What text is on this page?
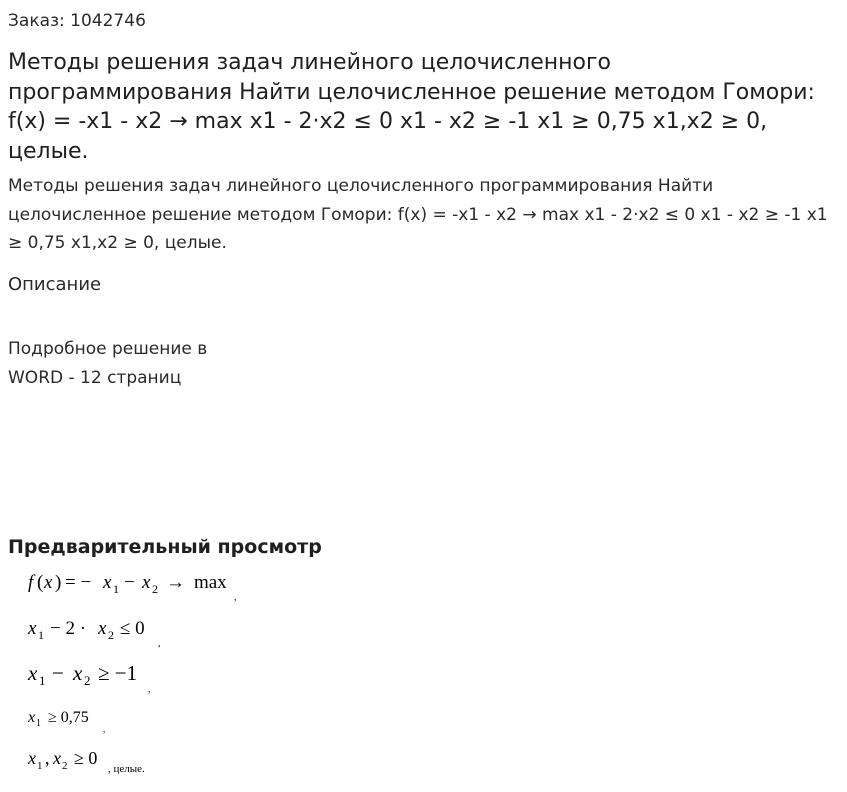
Заказ: 1042746
Методы решения задач линейного целочисленного программирования Найти целочисленное решение методом Гомори: f(x) = -x1 - x2 → max x1 - 2·x2 ≤ 0 x1 - x2 ≥ -1 x1 ≥ 0,75 x1,x2 ≥ 0, целые.

Методы решения задач линейного целочисленного программирования Найти целочисленное решение методом Гомори: f(x) = -x1 - x2 → max x1 - 2·x2 ≤ 0 x1 - x2 ≥ -1 x1 ≥ 0,75 x1,x2 ≥ 0, целые.

Описание
Подробное решение в
WORD - 12 страниц
Предварительный просмотр
f ( x ) = − x 1 − x 2 → max
,
x 1 − 2 · x 2 ≤ 0
,
x 1 − x 2 ≥ −1
,
x 1 ≥ 0,75
,
x 1 , x 2 ≥ 0
, целые.
